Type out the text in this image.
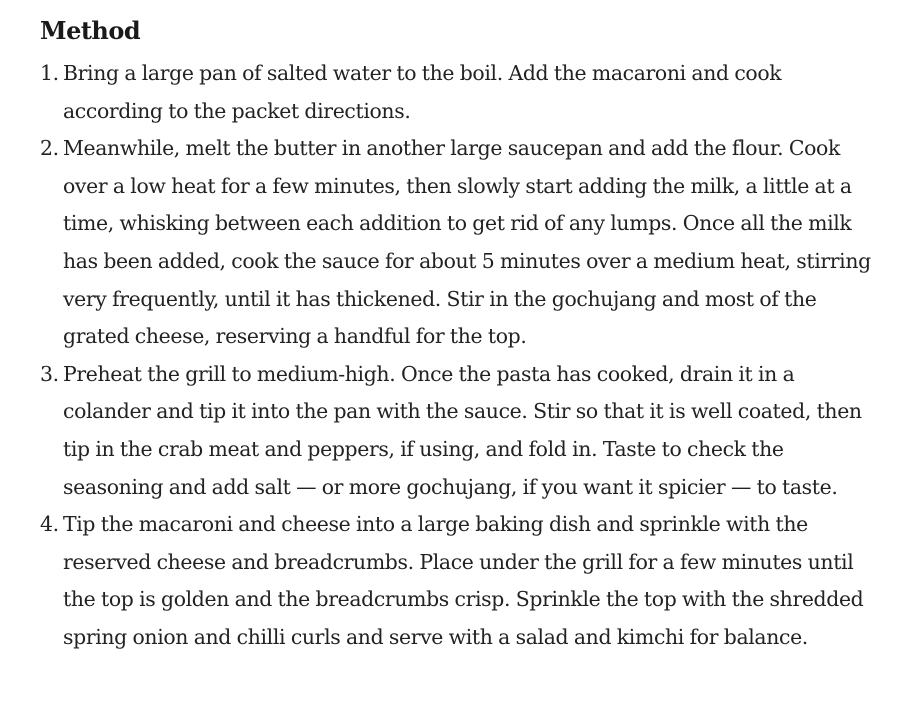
Method
1. Bring a large pan of salted water to the boil. Add the macaroni and cook according to the packet directions.
2. Meanwhile, melt the butter in another large saucepan and add the flour. Cook over a low heat for a few minutes, then slowly start adding the milk, a little at a time, whisking between each addition to get rid of any lumps. Once all the milk has been added, cook the sauce for about 5 minutes over a medium heat, stirring very frequently, until it has thickened. Stir in the gochujang and most of the grated cheese, reserving a handful for the top.
3. Preheat the grill to medium-high. Once the pasta has cooked, drain it in a colander and tip it into the pan with the sauce. Stir so that it is well coated, then tip in the crab meat and peppers, if using, and fold in. Taste to check the seasoning and add salt — or more gochujang, if you want it spicier — to taste.
4. Tip the macaroni and cheese into a large baking dish and sprinkle with the reserved cheese and breadcrumbs. Place under the grill for a few minutes until the top is golden and the breadcrumbs crisp. Sprinkle the top with the shredded spring onion and chilli curls and serve with a salad and kimchi for balance.
